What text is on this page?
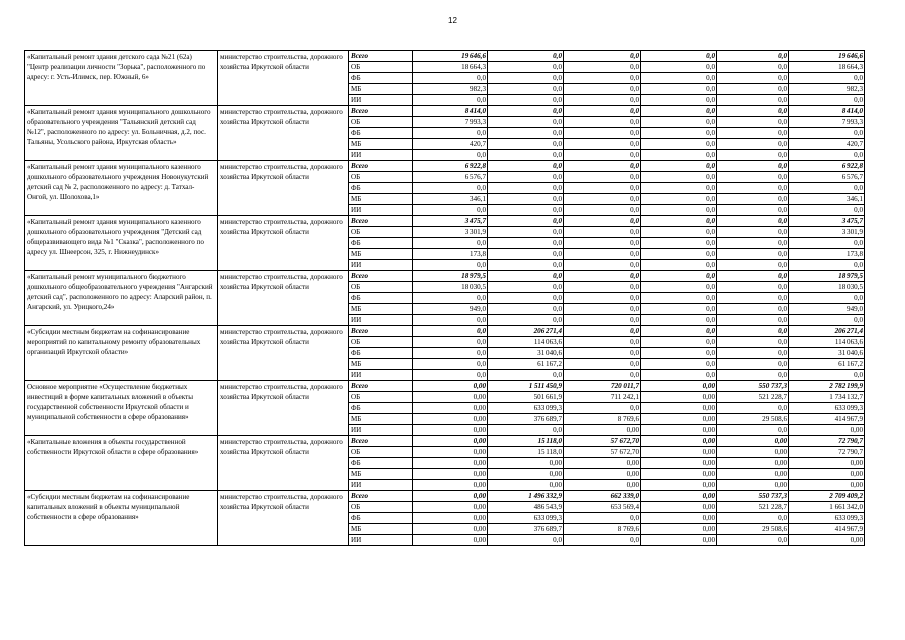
12
«Капитальный ремонт здания детского сада №21 (62а) "Центр реализации личности "Зорька", расположенного по адресу: г. Усть-Илимск, пер. Южный, 6»	министерство строительства, дорожного хозяйства Иркутской области	Всего	19 646,6	0,0	0,0	0,0	0,0	19 646,6
		ОБ	18 664,3	0,0	0,0	0,0	0,0	18 664,3
		ФБ	0,0	0,0	0,0	0,0	0,0	0,0
		МБ	982,3	0,0	0,0	0,0	0,0	982,3
		ИИ	0,0	0,0	0,0	0,0	0,0	0,0
«Капитальный ремонт здания муниципального дошкольного образовательного учреждения "Тальянский детский сад №12", расположенного по адресу: ул. Больничная, д.2, пос. Тальяны, Усольского района, Иркутская область»	министерство строительства, дорожного хозяйства Иркутской области	Всего	8 414,0	0,0	0,0	0,0	0,0	8 414,0
		ОБ	7 993,3	0,0	0,0	0,0	0,0	7 993,3
		ФБ	0,0	0,0	0,0	0,0	0,0	0,0
		МБ	420,7	0,0	0,0	0,0	0,0	420,7
		ИИ	0,0	0,0	0,0	0,0	0,0	0,0
«Капитальный ремонт здания муниципального казенного дошкольного образовательного учреждения Новонукутский детский сад № 2, расположенного по адресу: д. Татхал-Онгой, ул. Шолохова,1»	министерство строительства, дорожного хозяйства Иркутской области	Всего	6 922,8	0,0	0,0	0,0	0,0	6 922,8
		ОБ	6 576,7	0,0	0,0	0,0	0,0	6 576,7
		ФБ	0,0	0,0	0,0	0,0	0,0	0,0
		МБ	346,1	0,0	0,0	0,0	0,0	346,1
		ИИ	0,0	0,0	0,0	0,0	0,0	0,0
«Капитальный ремонт здания муниципального казенного дошкольного образовательного учреждения "Детский сад общеразвивающего вида №1 "Сказка", расположенного по адресу ул. Шнеерсон, 325, г. Нижнеудинск»	министерство строительства, дорожного хозяйства Иркутской области	Всего	3 475,7	0,0	0,0	0,0	0,0	3 475,7
		ОБ	3 301,9	0,0	0,0	0,0	0,0	3 301,9
		ФБ	0,0	0,0	0,0	0,0	0,0	0,0
		МБ	173,8	0,0	0,0	0,0	0,0	173,8
		ИИ	0,0	0,0	0,0	0,0	0,0	0,0
«Капитальный ремонт муниципального бюджетного дошкольного общеобразовательного учреждения "Ангарский детский сад", расположенного по адресу: Аларский район, п. Ангарский, ул. Урицкого,24»	министерство строительства, дорожного хозяйства Иркутской области	Всего	18 979,5	0,0	0,0	0,0	0,0	18 979,5
		ОБ	18 030,5	0,0	0,0	0,0	0,0	18 030,5
		ФБ	0,0	0,0	0,0	0,0	0,0	0,0
		МБ	949,0	0,0	0,0	0,0	0,0	949,0
		ИИ	0,0	0,0	0,0	0,0	0,0	0,0
«Субсидии местным бюджетам на софинансирование мероприятий по капитальному ремонту образовательных организаций Иркутской области»	министерство строительства, дорожного хозяйства Иркутской области	Всего	0,0	206 271,4	0,0	0,0	0,0	206 271,4
		ОБ	0,0	114 063,6	0,0	0,0	0,0	114 063,6
		ФБ	0,0	31 040,6	0,0	0,0	0,0	31 040,6
		МБ	0,0	61 167,2	0,0	0,0	0,0	61 167,2
		ИИ	0,0	0,0	0,0	0,0	0,0	0,0
Основное мероприятие «Осуществление бюджетных инвестиций в форме капитальных вложений в объекты государственной собственности Иркутской области и муниципальной собственности в сфере образования»	министерство строительства, дорожного хозяйства Иркутской области	Всего	0,00	1 511 450,9	720 011,7	0,00	550 737,3	2 782 199,9
		ОБ	0,00	501 661,9	711 242,1	0,00	521 228,7	1 734 132,7
		ФБ	0,00	633 099,3	0,0	0,00	0,0	633 099,3
		МБ	0,00	376 689,7	8 769,6	0,00	29 508,6	414 967,9
		ИИ	0,00	0,0	0,00	0,00	0,0	0,00
«Капитальные вложения в объекты государственной собственности Иркутской области в сфере образования»	министерство строительства, дорожного хозяйства Иркутской области	Всего	0,00	15 118,0	57 672,70	0,00	0,00	72 790,7
		ОБ	0,00	15 118,0	57 672,70	0,00	0,00	72 790,7
		ФБ	0,00	0,00	0,00	0,00	0,00	0,00
		МБ	0,00	0,00	0,00	0,00	0,00	0,00
		ИИ	0,00	0,00	0,00	0,00	0,00	0,00
«Субсидии местным бюджетам на софинансирование капитальных вложений в объекты муниципальной собственности в сфере образования»	министерство строительства, дорожного хозяйства Иркутской области	Всего	0,00	1 496 332,9	662 339,0	0,00	550 737,3	2 709 409,2
		ОБ	0,00	486 543,9	653 569,4	0,00	521 228,7	1 661 342,0
		ФБ	0,00	633 099,3	0,0	0,00	0,0	633 099,3
		МБ	0,00	376 689,7	8 769,6	0,00	29 508,6	414 967,9
		ИИ	0,00	0,0	0,0	0,00	0,0	0,00
